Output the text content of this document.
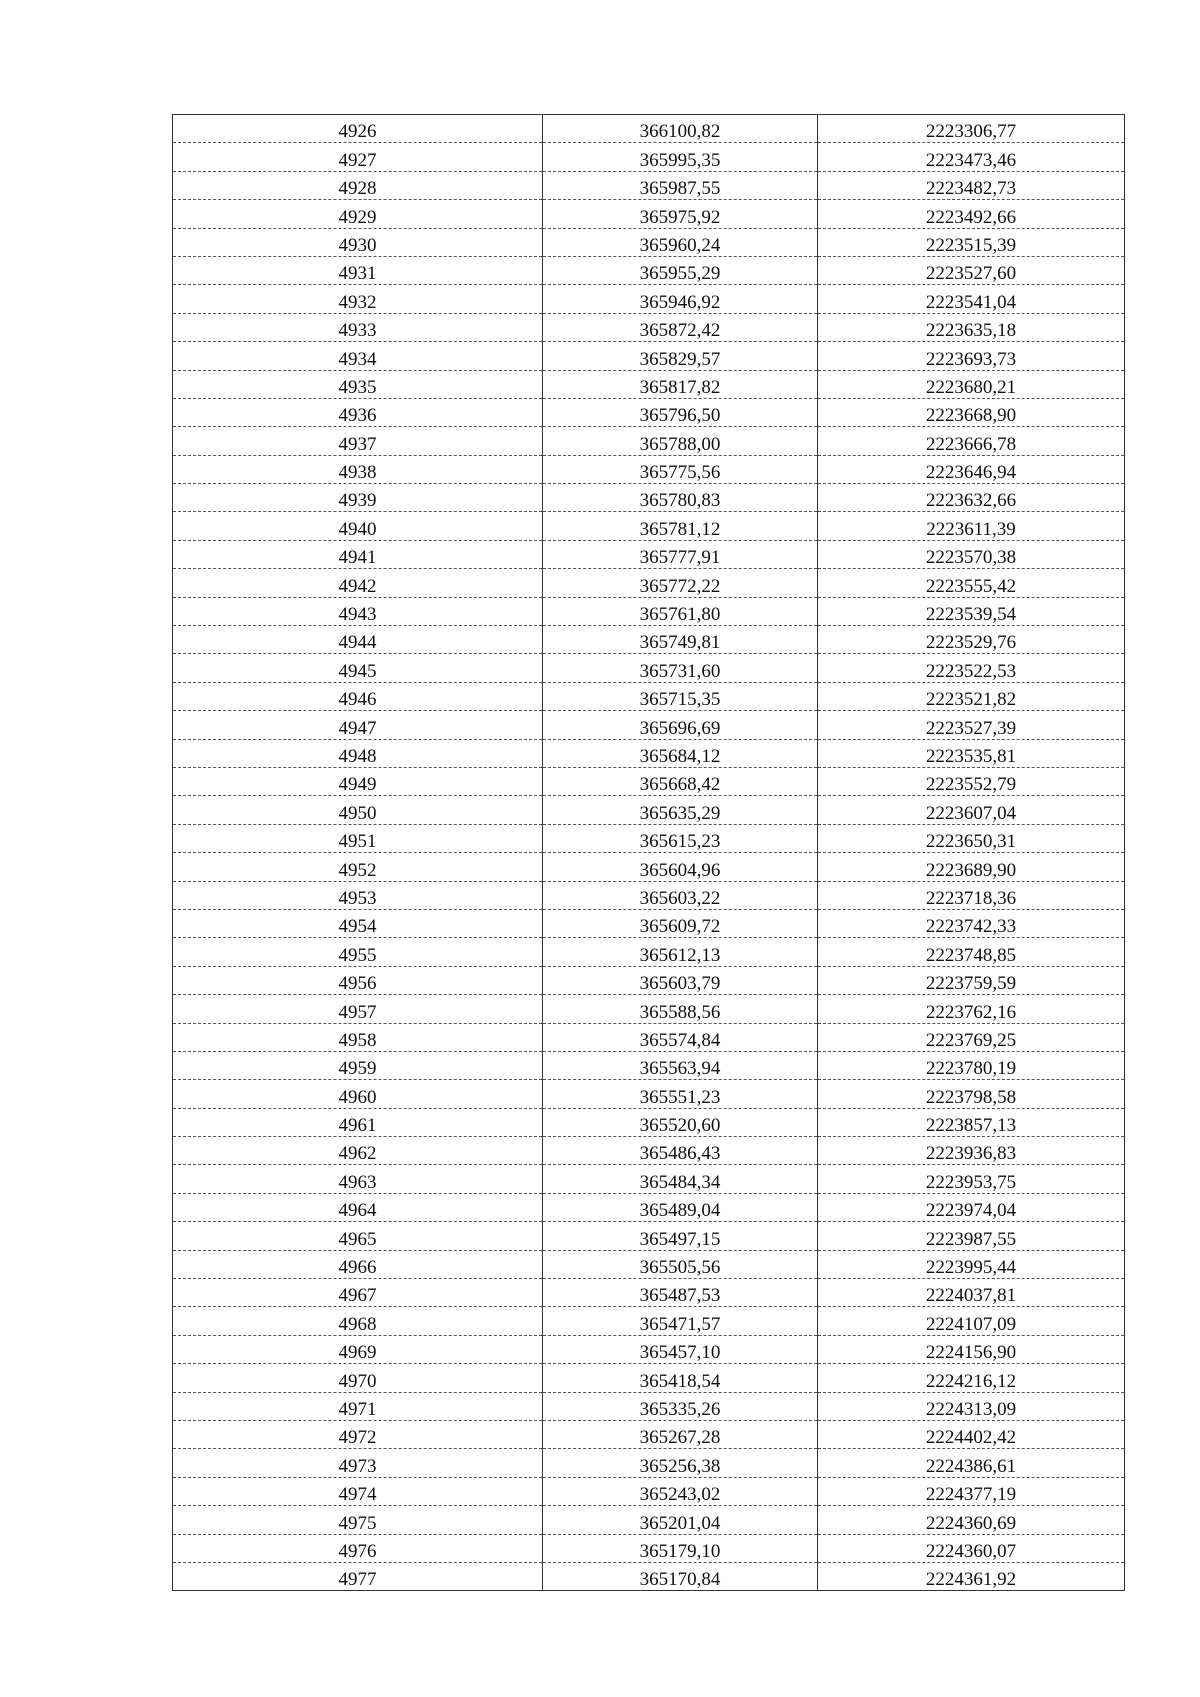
4926	366100,82	2223306,77
4927	365995,35	2223473,46
4928	365987,55	2223482,73
4929	365975,92	2223492,66
4930	365960,24	2223515,39
4931	365955,29	2223527,60
4932	365946,92	2223541,04
4933	365872,42	2223635,18
4934	365829,57	2223693,73
4935	365817,82	2223680,21
4936	365796,50	2223668,90
4937	365788,00	2223666,78
4938	365775,56	2223646,94
4939	365780,83	2223632,66
4940	365781,12	2223611,39
4941	365777,91	2223570,38
4942	365772,22	2223555,42
4943	365761,80	2223539,54
4944	365749,81	2223529,76
4945	365731,60	2223522,53
4946	365715,35	2223521,82
4947	365696,69	2223527,39
4948	365684,12	2223535,81
4949	365668,42	2223552,79
4950	365635,29	2223607,04
4951	365615,23	2223650,31
4952	365604,96	2223689,90
4953	365603,22	2223718,36
4954	365609,72	2223742,33
4955	365612,13	2223748,85
4956	365603,79	2223759,59
4957	365588,56	2223762,16
4958	365574,84	2223769,25
4959	365563,94	2223780,19
4960	365551,23	2223798,58
4961	365520,60	2223857,13
4962	365486,43	2223936,83
4963	365484,34	2223953,75
4964	365489,04	2223974,04
4965	365497,15	2223987,55
4966	365505,56	2223995,44
4967	365487,53	2224037,81
4968	365471,57	2224107,09
4969	365457,10	2224156,90
4970	365418,54	2224216,12
4971	365335,26	2224313,09
4972	365267,28	2224402,42
4973	365256,38	2224386,61
4974	365243,02	2224377,19
4975	365201,04	2224360,69
4976	365179,10	2224360,07
4977	365170,84	2224361,92
